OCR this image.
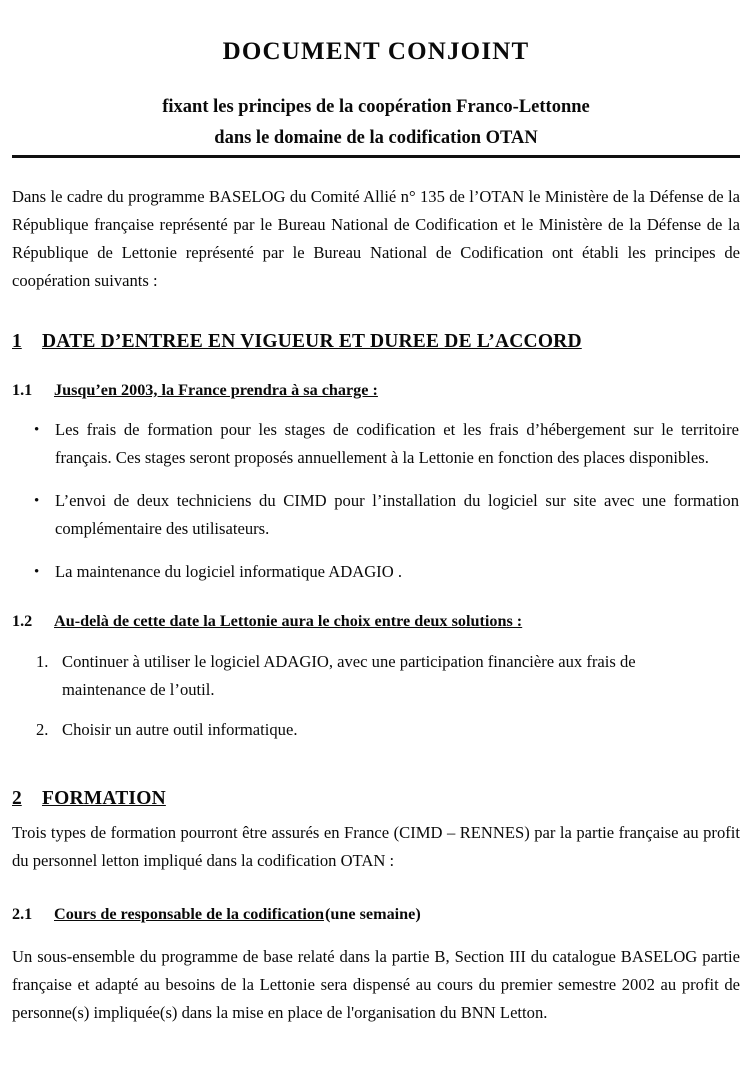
DOCUMENT CONJOINT
fixant les principes de la coopération Franco-Lettonne
dans le domaine de la codification OTAN

Dans le cadre du programme BASELOG du Comité Allié n° 135 de l’OTAN le Ministère de la Défense de la République française représenté par le Bureau National de Codification et le Ministère de la Défense de la République de Lettonie représenté par le Bureau National de Codification ont établi les principes de coopération suivants :

1	DATE D’ENTREE EN VIGUEUR ET DUREE DE L’ACCORD
1.1	Jusqu’en 2003, la France prendra à sa charge :
• Les frais de formation pour les stages de codification et les frais d’hébergement sur le territoire français. Ces stages seront proposés annuellement à la Lettonie en fonction des places disponibles.
• L’envoi de deux techniciens du CIMD pour l’installation du logiciel sur site avec une formation complémentaire des utilisateurs.
• La maintenance du logiciel informatique ADAGIO .
1.2	Au-delà de cette date la Lettonie aura le choix entre deux solutions :
1. Continuer à utiliser le logiciel ADAGIO, avec une participation financière aux frais de maintenance de l’outil.
2. Choisir un autre outil informatique.
2	FORMATION

Trois types de formation pourront être assurés en France (CIMD – RENNES) par la partie française au profit du personnel letton impliqué dans la codification OTAN :

2.1	Cours de responsable de la codification (une semaine)

Un sous-ensemble du programme de base relaté dans la partie B, Section III du catalogue BASELOG partie française et adapté au besoins de la Lettonie sera dispensé au cours du premier semestre 2002 au profit de personne(s) impliquée(s) dans la mise en place de l'organisation du BNN Letton.
